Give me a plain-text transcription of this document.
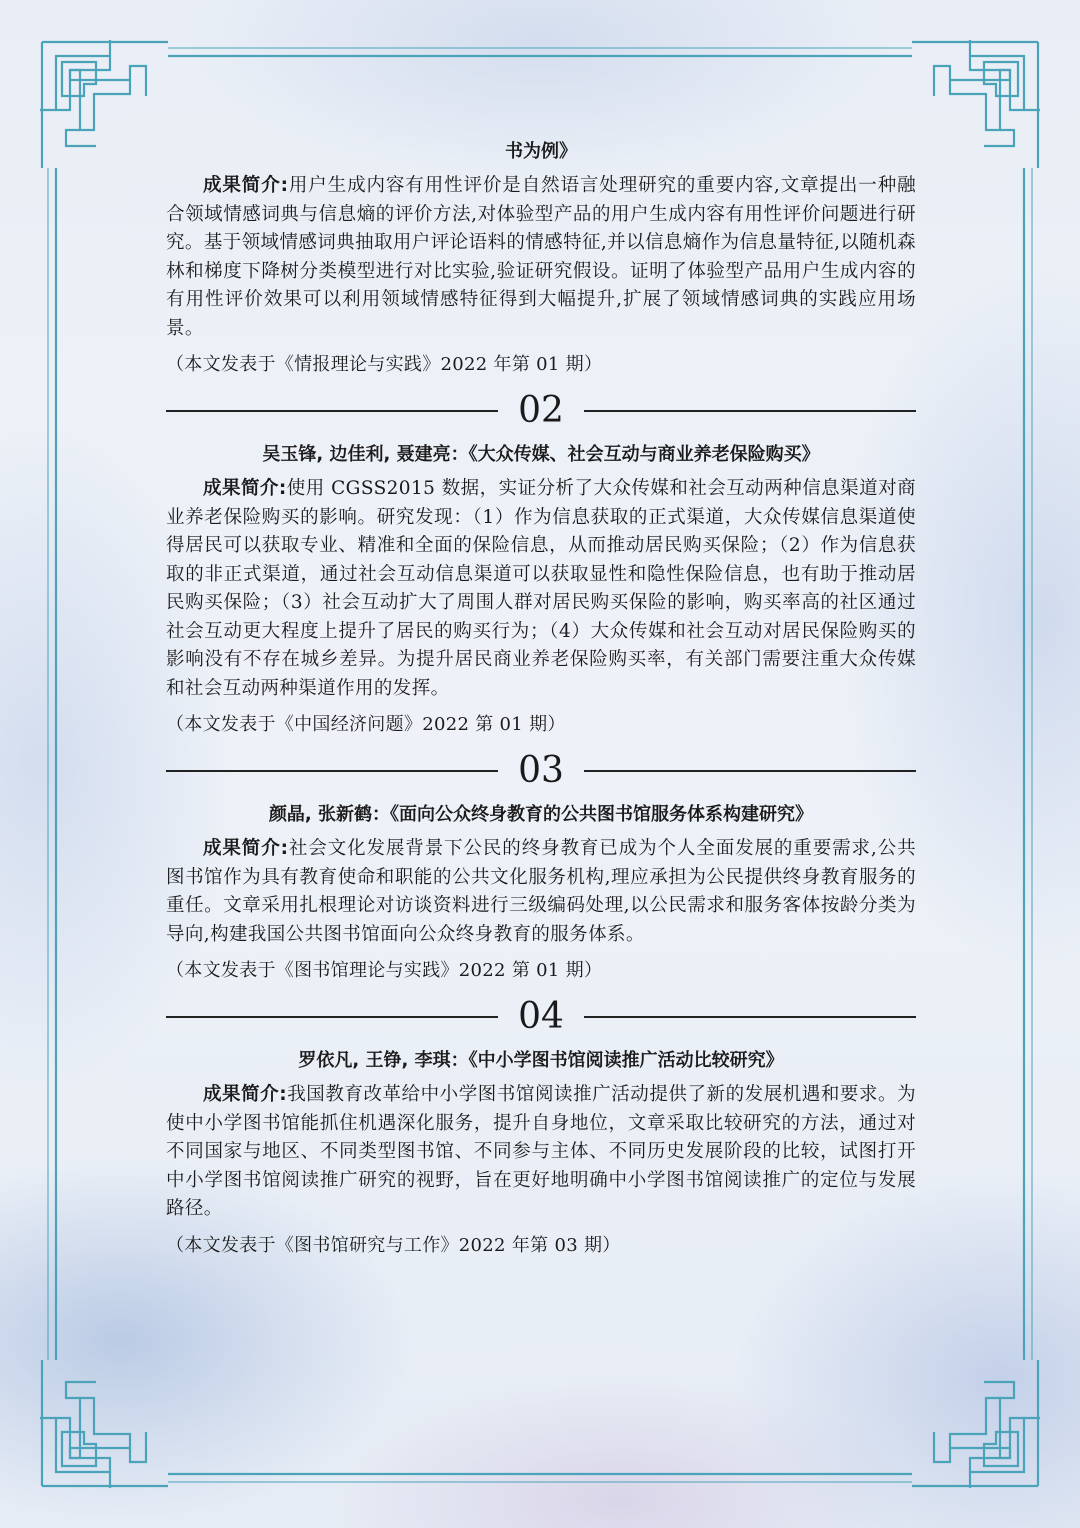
书为例》

成果简介:用户生成内容有用性评价是自然语言处理研究的重要内容,文章提出一种融合领域情感词典与信息熵的评价方法,对体验型产品的用户生成内容有用性评价问题进行研究。基于领域情感词典抽取用户评论语料的情感特征,并以信息熵作为信息量特征,以随机森林和梯度下降树分类模型进行对比实验,验证研究假设。证明了体验型产品用户生成内容的有用性评价效果可以利用领域情感特征得到大幅提升,扩展了领域情感词典的实践应用场景。

（本文发表于《情报理论与实践》2022 年第 01 期）

02

吴玉锋, 边佳利, 聂建亮：《大众传媒、社会互动与商业养老保险购买》

成果简介:使用 CGSS2015 数据，实证分析了大众传媒和社会互动两种信息渠道对商业养老保险购买的影响。研究发现：（1）作为信息获取的正式渠道，大众传媒信息渠道使得居民可以获取专业、精准和全面的保险信息，从而推动居民购买保险；（2）作为信息获取的非正式渠道，通过社会互动信息渠道可以获取显性和隐性保险信息，也有助于推动居民购买保险；（3）社会互动扩大了周围人群对居民购买保险的影响，购买率高的社区通过社会互动更大程度上提升了居民的购买行为；（4）大众传媒和社会互动对居民保险购买的影响没有不存在城乡差异。为提升居民商业养老保险购买率，有关部门需要注重大众传媒和社会互动两种渠道作用的发挥。

（本文发表于《中国经济问题》2022 第 01 期）

03

颜晶, 张新鹤：《面向公众终身教育的公共图书馆服务体系构建研究》

成果简介:社会文化发展背景下公民的终身教育已成为个人全面发展的重要需求,公共图书馆作为具有教育使命和职能的公共文化服务机构,理应承担为公民提供终身教育服务的重任。文章采用扎根理论对访谈资料进行三级编码处理,以公民需求和服务客体按龄分类为导向,构建我国公共图书馆面向公众终身教育的服务体系。

（本文发表于《图书馆理论与实践》2022 第 01 期）

04

罗依凡, 王铮, 李琪：《中小学图书馆阅读推广活动比较研究》

成果简介:我国教育改革给中小学图书馆阅读推广活动提供了新的发展机遇和要求。为使中小学图书馆能抓住机遇深化服务，提升自身地位，文章采取比较研究的方法，通过对不同国家与地区、不同类型图书馆、不同参与主体、不同历史发展阶段的比较，试图打开中小学图书馆阅读推广研究的视野，旨在更好地明确中小学图书馆阅读推广的定位与发展路径。

（本文发表于《图书馆研究与工作》2022 年第 03 期）
